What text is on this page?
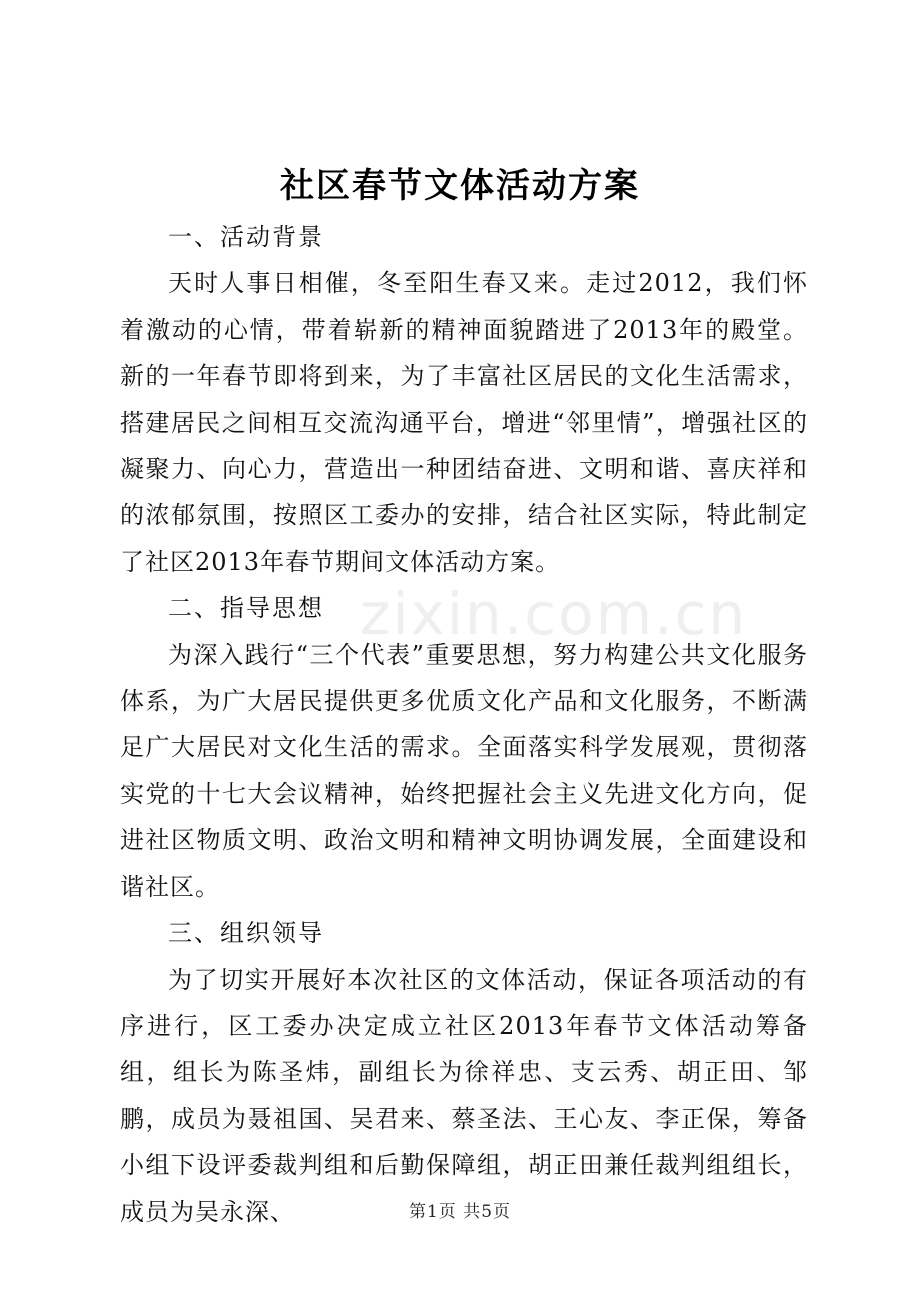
社区春节文体活动方案

一、活动背景

天时人事日相催，冬至阳生春又来。走过2012，我们怀着激动的心情，带着崭新的精神面貌踏进了2013年的殿堂。新的一年春节即将到来，为了丰富社区居民的文化生活需求，搭建居民之间相互交流沟通平台，增进“邻里情”，增强社区的凝聚力、向心力，营造出一种团结奋进、文明和谐、喜庆祥和的浓郁氛围，按照区工委办的安排，结合社区实际，特此制定了社区2013年春节期间文体活动方案。

二、指导思想

为深入践行“三个代表”重要思想，努力构建公共文化服务体系，为广大居民提供更多优质文化产品和文化服务，不断满足广大居民对文化生活的需求。全面落实科学发展观，贯彻落实党的十七大会议精神，始终把握社会主义先进文化方向，促进社区物质文明、政治文明和精神文明协调发展，全面建设和谐社区。

三、组织领导

为了切实开展好本次社区的文体活动，保证各项活动的有序进行，区工委办决定成立社区2013年春节文体活动筹备组，组长为陈圣炜，副组长为徐祥忠、支云秀、胡正田、邹鹏，成员为聂祖国、吴君来、蔡圣法、王心友、李正保，筹备小组下设评委裁判组和后勤保障组，胡正田兼任裁判组组长，成员为吴永深、

zixin.com.cn
第1页 共5页
